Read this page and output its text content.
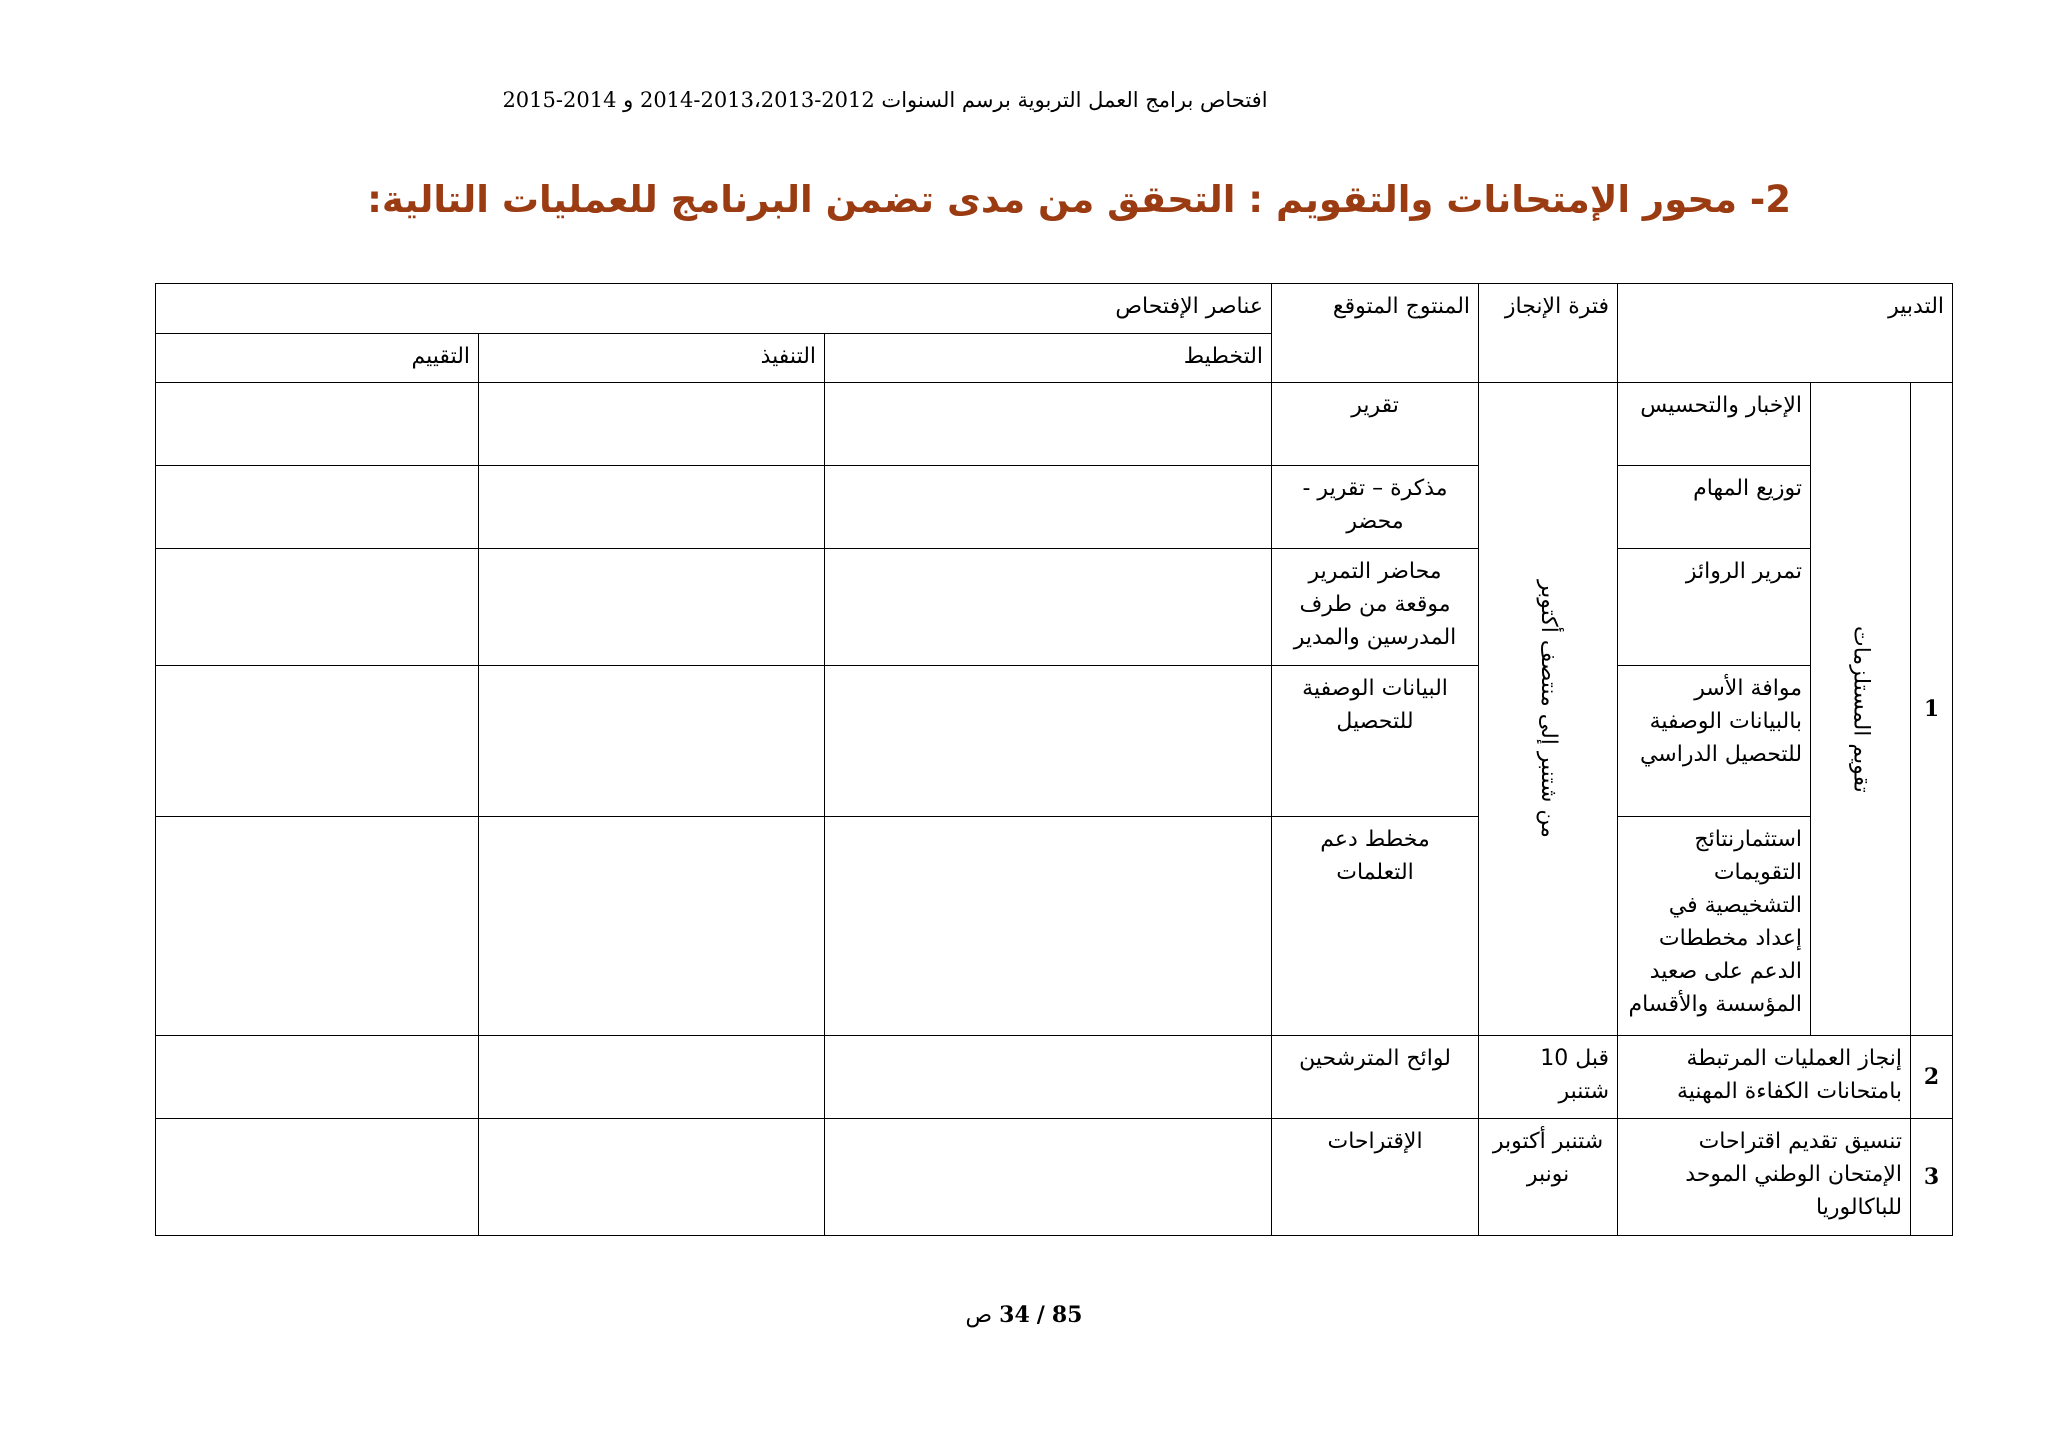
افتحاص برامج العمل التربوية برسم السنوات 2012-2013،2013-2014 و 2014-2015
2- محور الإمتحانات والتقويم : التحقق من مدى تضمن البرنامج للعمليات التالية:
التدبير			فترة الإنجاز	المنتوج المتوقع	عناصر الإفتحاص		
					التخطيط	التنفيذ	التقييم
1	تقويم المستلزمات	الإخبار والتحسيس	من شتنبر إلى منتصف أكتوبر	تقرير			
		توزيع المهام		مذكرة – تقرير - محضر			
		تمرير الروائز		محاضر التمرير موقعة من طرف المدرسين والمدير			
		موافة الأسر بالبيانات الوصفية للتحصيل الدراسي		البيانات الوصفية للتحصيل			
		استثمارنتائج التقويمات التشخيصية في إعداد مخططات الدعم على صعيد المؤسسة والأقسام		مخطط دعم التعلمات			
2	إنجاز العمليات المرتبطة بامتحانات الكفاءة المهنية		قبل 10 شتنبر	لوائح المترشحين			
3	تنسيق تقديم اقتراحات الإمتحان الوطني الموحد للباكالوريا		شتنبر أكتوبر نونبر	الإقتراحات			
85 / 34 ص
